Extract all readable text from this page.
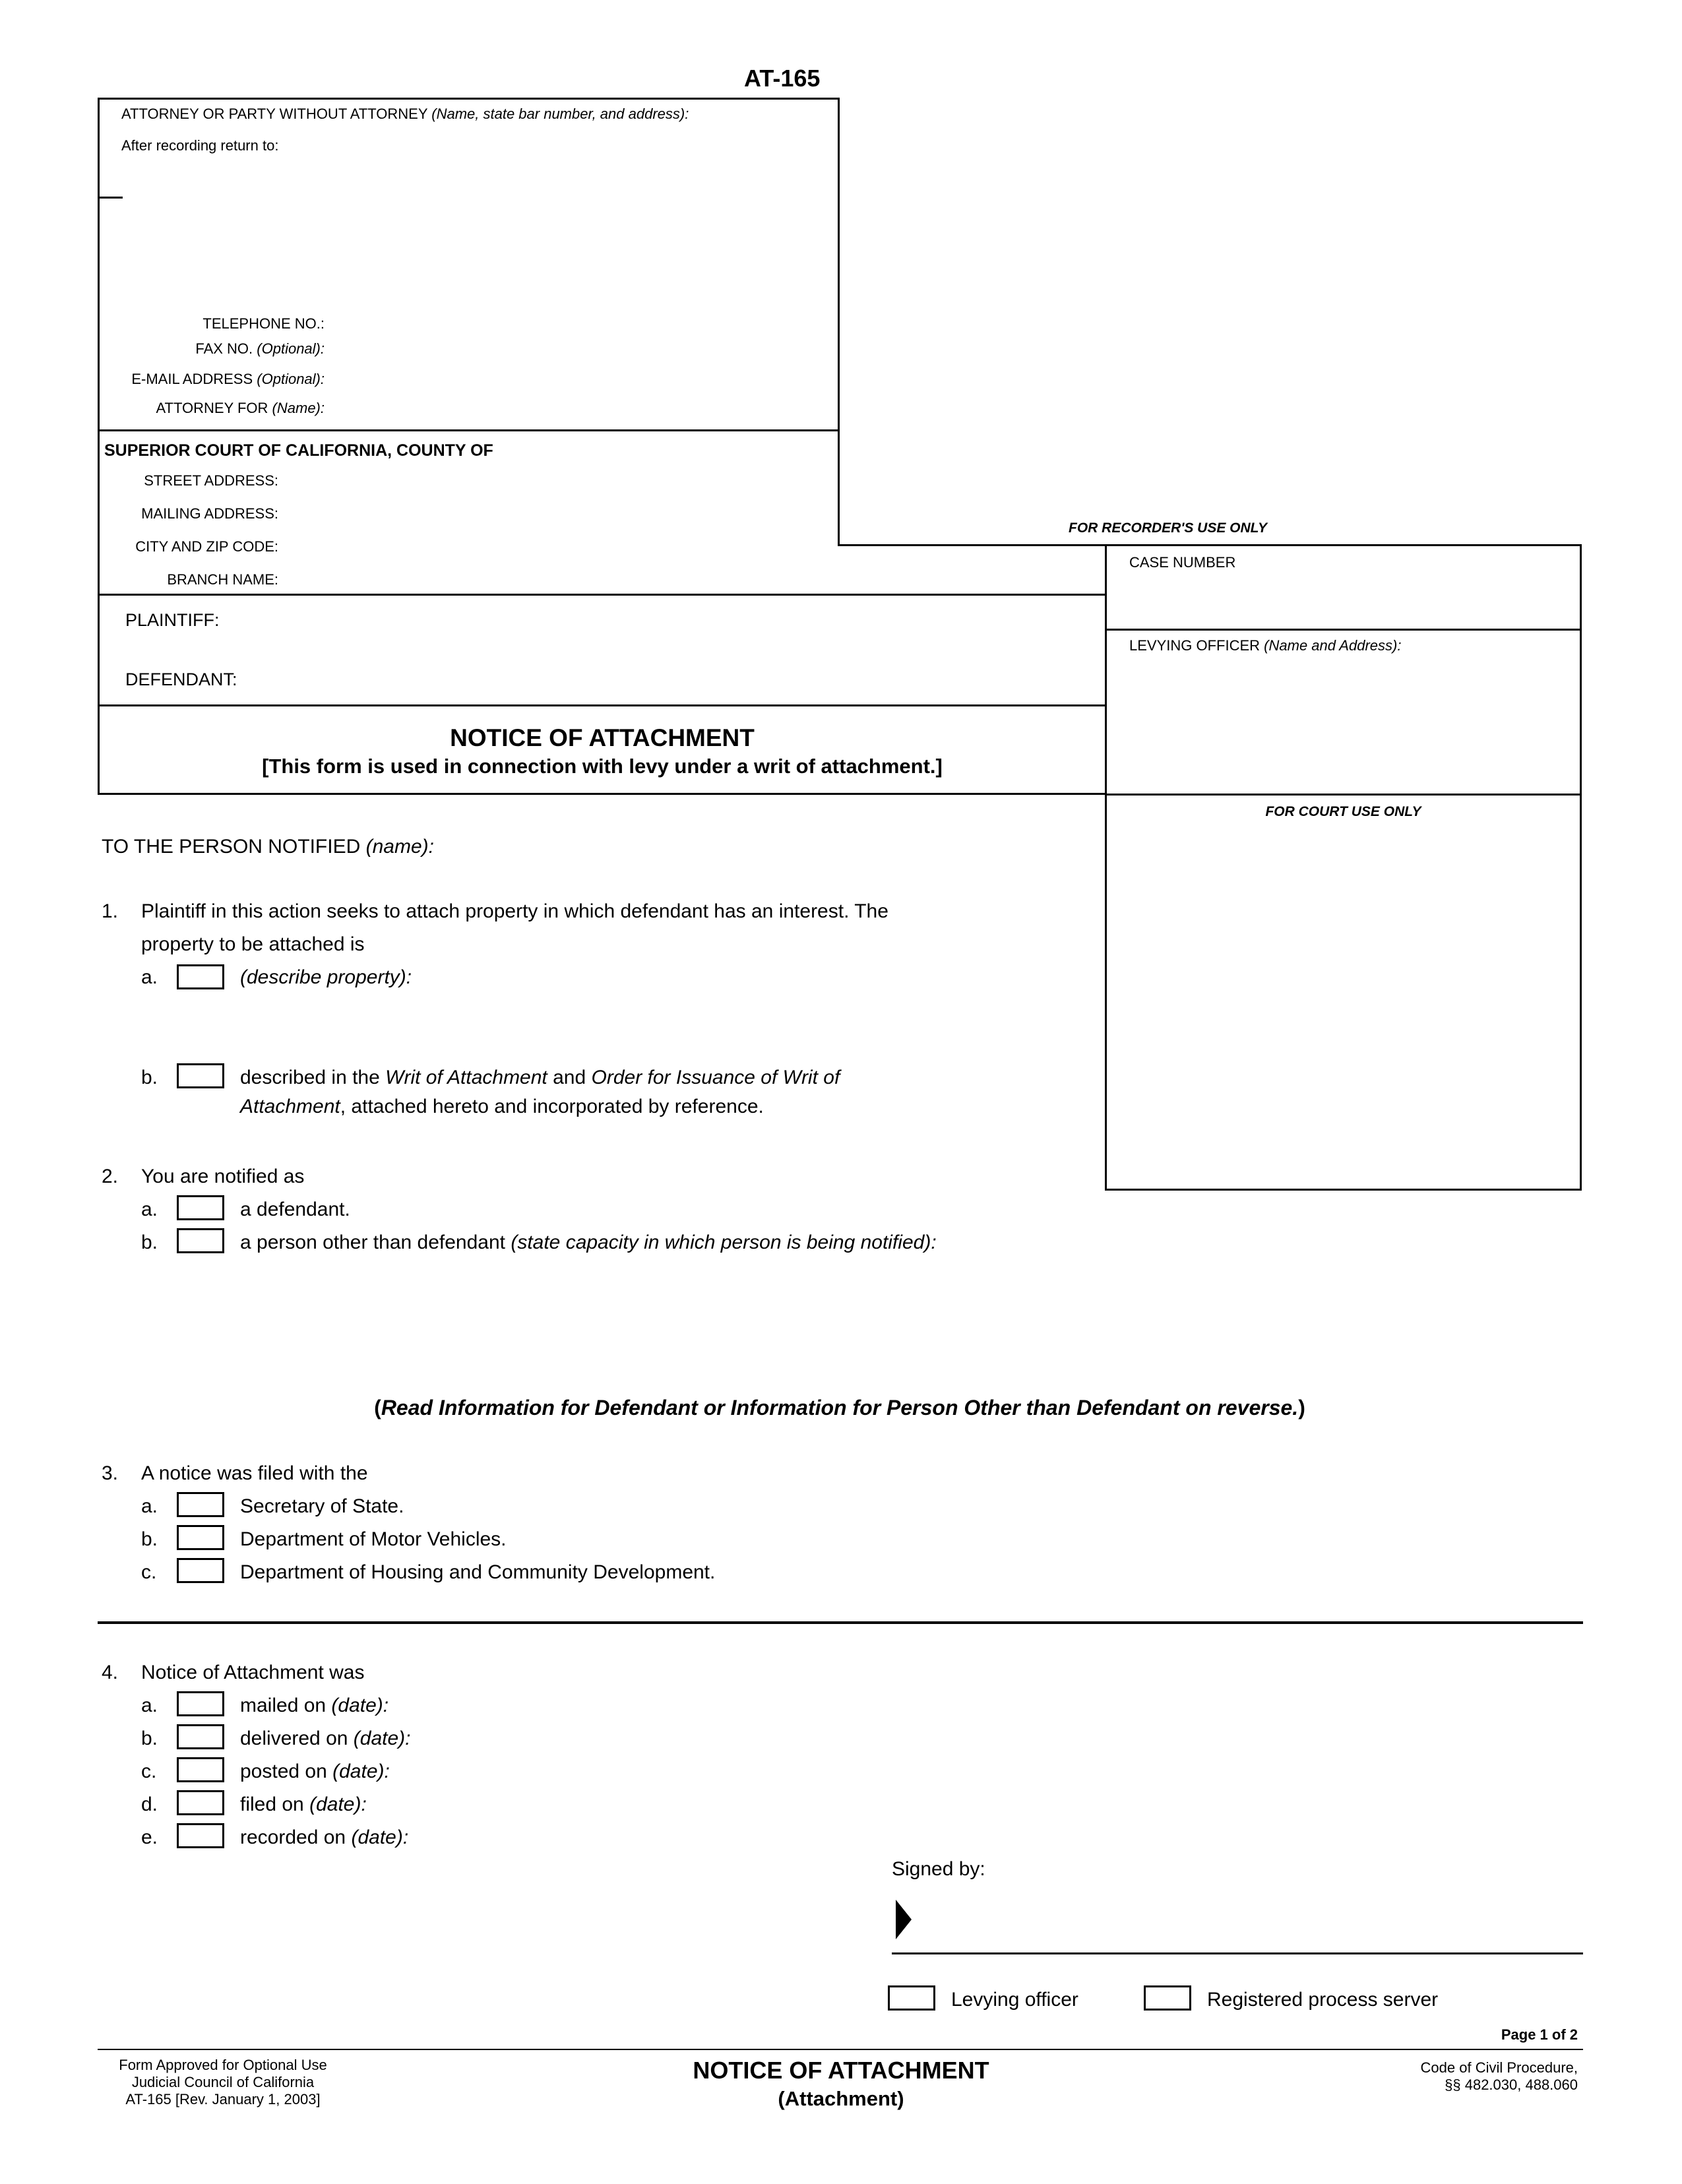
AT-165
ATTORNEY OR PARTY WITHOUT ATTORNEY (Name, state bar number, and address):
After recording return to:
TELEPHONE NO.:
FAX NO. (Optional):
E-MAIL ADDRESS (Optional):
ATTORNEY FOR (Name):
SUPERIOR COURT OF CALIFORNIA, COUNTY OF
STREET ADDRESS:
MAILING ADDRESS:
CITY AND ZIP CODE:
BRANCH NAME:
FOR RECORDER'S USE ONLY
CASE NUMBER
LEVYING OFFICER (Name and Address):
FOR COURT USE ONLY
PLAINTIFF:
DEFENDANT:
NOTICE OF ATTACHMENT
[This form is used in connection with levy under a writ of attachment.]
TO THE PERSON NOTIFIED (name):
1. Plaintiff in this action seeks to attach property in which defendant has an interest. The
property to be attached is
a.	(describe property):
b.	described in the Writ of Attachment and Order for Issuance of Writ of
Attachment, attached hereto and incorporated by reference.
2. You are notified as
a.	a defendant.
b.	a person other than defendant (state capacity in which person is being notified):
(Read Information for Defendant or Information for Person Other than Defendant on reverse.)
3. A notice was filed with the
a.	Secretary of State.
b.	Department of Motor Vehicles.
c.	Department of Housing and Community Development.
4. Notice of Attachment was
a.	mailed on (date):
b.	delivered on (date):
c.	posted on (date):
d.	filed on (date):
e.	recorded on (date):
Signed by:
Levying officer	Registered process server
Page 1 of 2
Form Approved for Optional Use
Judicial Council of California
AT-165 [Rev. January 1, 2003]
NOTICE OF ATTACHMENT
(Attachment)
Code of Civil Procedure,
§§ 482.030, 488.060
